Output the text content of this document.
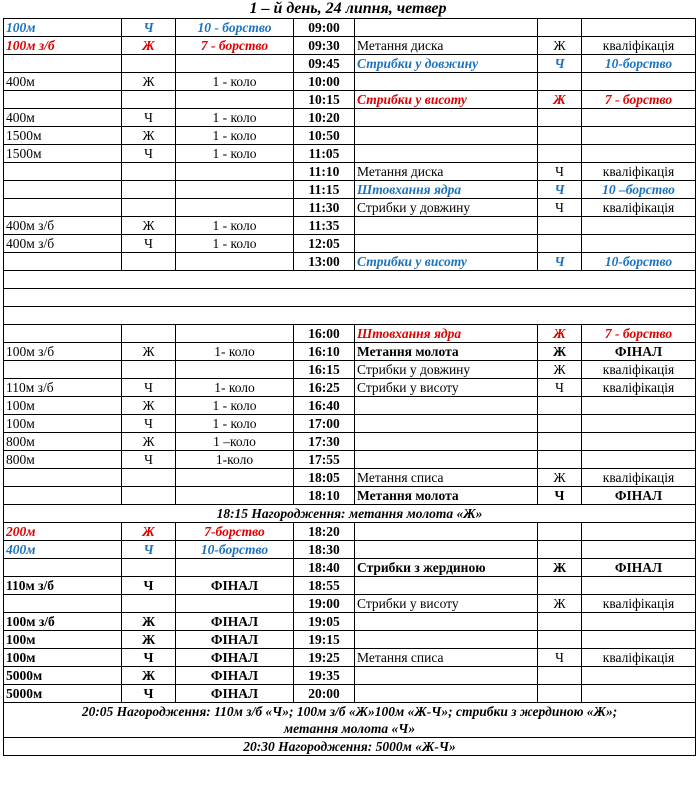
1 – й день, 24 липня, четвер
100м	Ч	10 - борство	09:00			
100м з/б	Ж	7 - борство	09:30	Метання диска	Ж	кваліфікація
			09:45	Стрибки у довжину	Ч	10-борство
400м	Ж	1 - коло	10:00			
			10:15	Стрибки у висоту	Ж	7 - борство
400м	Ч	1 - коло	10:20			
1500м	Ж	1 - коло	10:50			
1500м	Ч	1 - коло	11:05			
			11:10	Метання диска	Ч	кваліфікація
			11:15	Штовхання ядра	Ч	10 –борство
			11:30	Стрибки у довжину	Ч	кваліфікація
400м з/б	Ж	1 - коло	11:35			
400м з/б	Ч	1 - коло	12:05			
			13:00	Стрибки у висоту	Ч	10-борство

			16:00	Штовхання ядра	Ж	7 - борство
100м з/б	Ж	1- коло	16:10	Метання молота	Ж	ФІНАЛ
			16:15	Стрибки у довжину	Ж	кваліфікація
110м з/б	Ч	1- коло	16:25	Стрибки у висоту	Ч	кваліфікація
100м	Ж	1 - коло	16:40			
100м	Ч	1 - коло	17:00			
800м	Ж	1 –коло	17:30			
800м	Ч	1-коло	17:55			
			18:05	Метання списа	Ж	кваліфікація
			18:10	Метання молота	Ч	ФІНАЛ
18:15 Нагородження: метання молота «Ж»						
200м	Ж	7-борство	18:20			
400м	Ч	10-борство	18:30			
			18:40	Стрибки з жердиною	Ж	ФІНАЛ
110м з/б	Ч	ФІНАЛ	18:55			
			19:00	Стрибки у висоту	Ж	кваліфікація
100м з/б	Ж	ФІНАЛ	19:05			
100м	Ж	ФІНАЛ	19:15			
100м	Ч	ФІНАЛ	19:25	Метання списа	Ч	кваліфікація
5000м	Ж	ФІНАЛ	19:35			
5000м	Ч	ФІНАЛ	20:00			

20:05 Нагородження: 110м з/б «Ч»; 100м з/б «Ж»100м «Ж-Ч»; стрибки з жердиною «Ж»;
метання молота «Ч»						

20:30 Нагородження: 5000м «Ж-Ч»						
